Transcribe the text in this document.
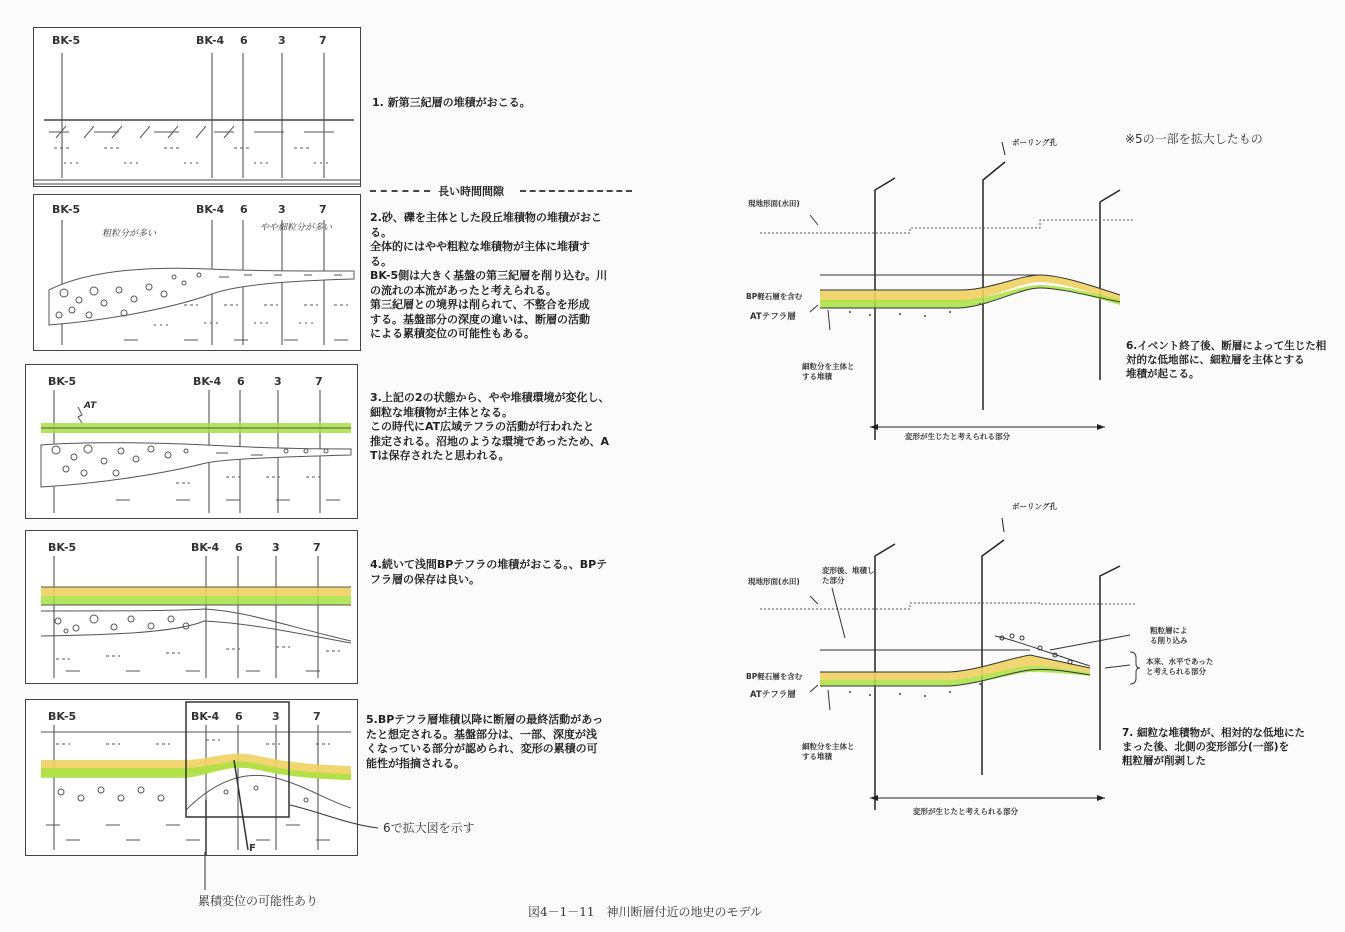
BK-5	BK-4 6	3	7
1. 新第三紀層の堆積がおこる。
長い時間間隙
BK-5	BK-4 6	3	7
粗粒分が多い
やや細粒分が多い
2.砂、礫を主体とした段丘堆積物の堆積がおこ
る。
全体的にはやや粗粒な堆積物が主体に堆積す
る。
BK-5側は大きく基盤の第三紀層を削り込む。川
の流れの本流があったと考えられる。
第三紀層との境界は削られて、不整合を形成
する。基盤部分の深度の違いは、断層の活動
による累積変位の可能性もある。
BK-5	BK-4 6	3	7
AT
3.上記の2の状態から、やや堆積環境が変化し、
細粒な堆積物が主体となる。
この時代にAT広域テフラの活動が行われたと
推定される。沼地のような環境であったため、A
Tは保存されたと思われる。
BK-5	BK-4 6	3	7
4.続いて浅間BPテフラの堆積がおこる。、BPテ
フラ層の保存は良い。
BK-5	BK-4 6	3	7
F
5.BPテフラ層堆積以降に断層の最終活動があっ
たと想定される。基盤部分は、一部、深度が浅
くなっている部分が認められ、変形の累積の可
能性が指摘される。
6で拡大図を示す
累積変位の可能性あり
※5の一部を拡大したもの
ボーリング孔
現地形面(水田)
BP軽石層を含む
ATテフラ層
細粒分を主体と
する堆積
変形が生じたと考えられる部分
6.イベント終了後、断層によって生じた相
対的な低地部に、細粒層を主体とする
堆積が起こる。
ボーリング孔
現地形面(水田)
変形後、堆積し
た部分
粗粒層によ
る削り込み
本来、水平であった
と考えられる部分
BP軽石層を含む
ATテフラ層
細粒分を主体と
する堆積
変形が生じたと考えられる部分
7. 細粒な堆積物が、相対的な低地にた
まった後、北側の変形部分(一部)を
粗粒層が削剥した
図4－1－11　神川断層付近の地史のモデル
